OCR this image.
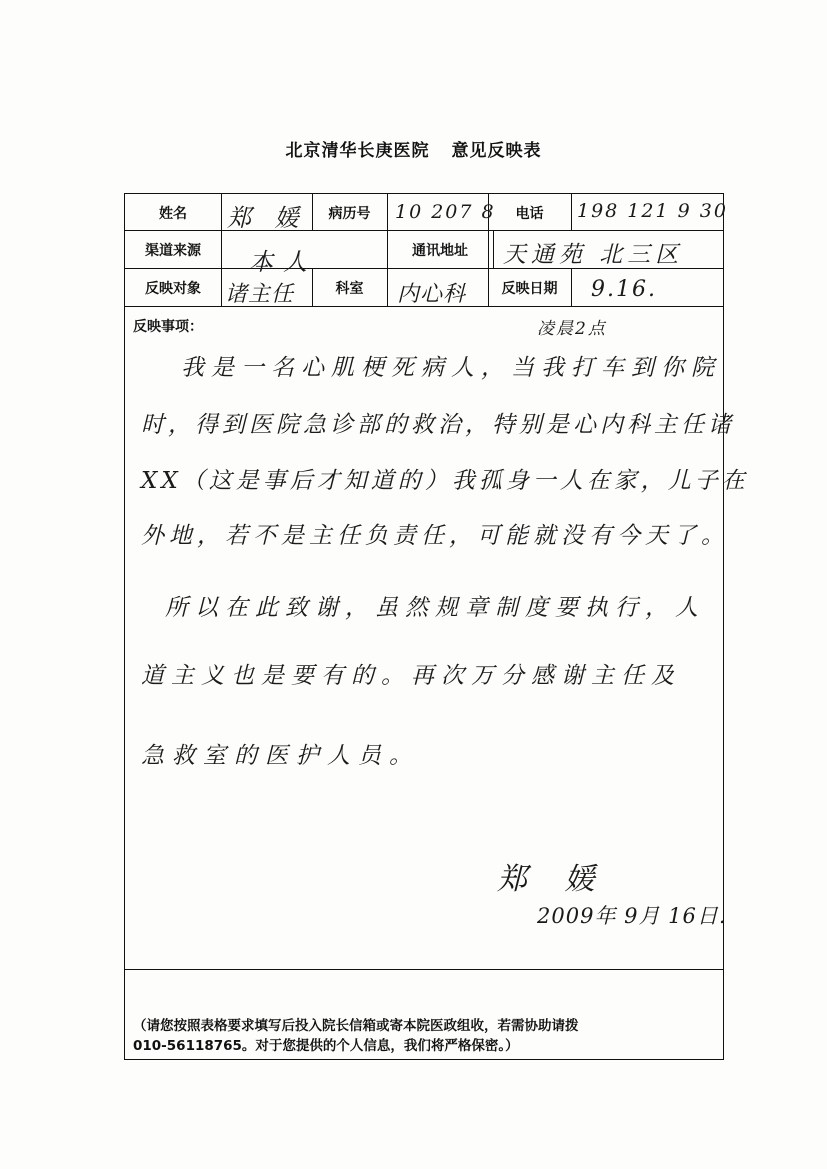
北京清华长庚医院 意见反映表
姓名	郑 媛	病历号	10 207 8	电话	198 121 9 30
渠道来源	本人	通讯地址	天通苑 北三区
反映对象	诸主任	科室	内心科	反映日期	9.16.
反映事项：	凌晨2点
我是一名心肌梗死病人，当我打车到你院
时，得到医院急诊部的救治，特别是心内科主任诸
XX（这是事后才知道的）我孤身一人在家，儿子在
外地，若不是主任负责任，可能就没有今天了。
所以在此致谢，虽然规章制度要执行，人
道主义也是要有的。再次万分感谢主任及
急救室的医护人员。
郑 媛
2009年 9月 16日.
（请您按照表格要求填写后投入院长信箱或寄本院医政组收，若需协助请拨
010-56118765。对于您提供的个人信息，我们将严格保密。）
